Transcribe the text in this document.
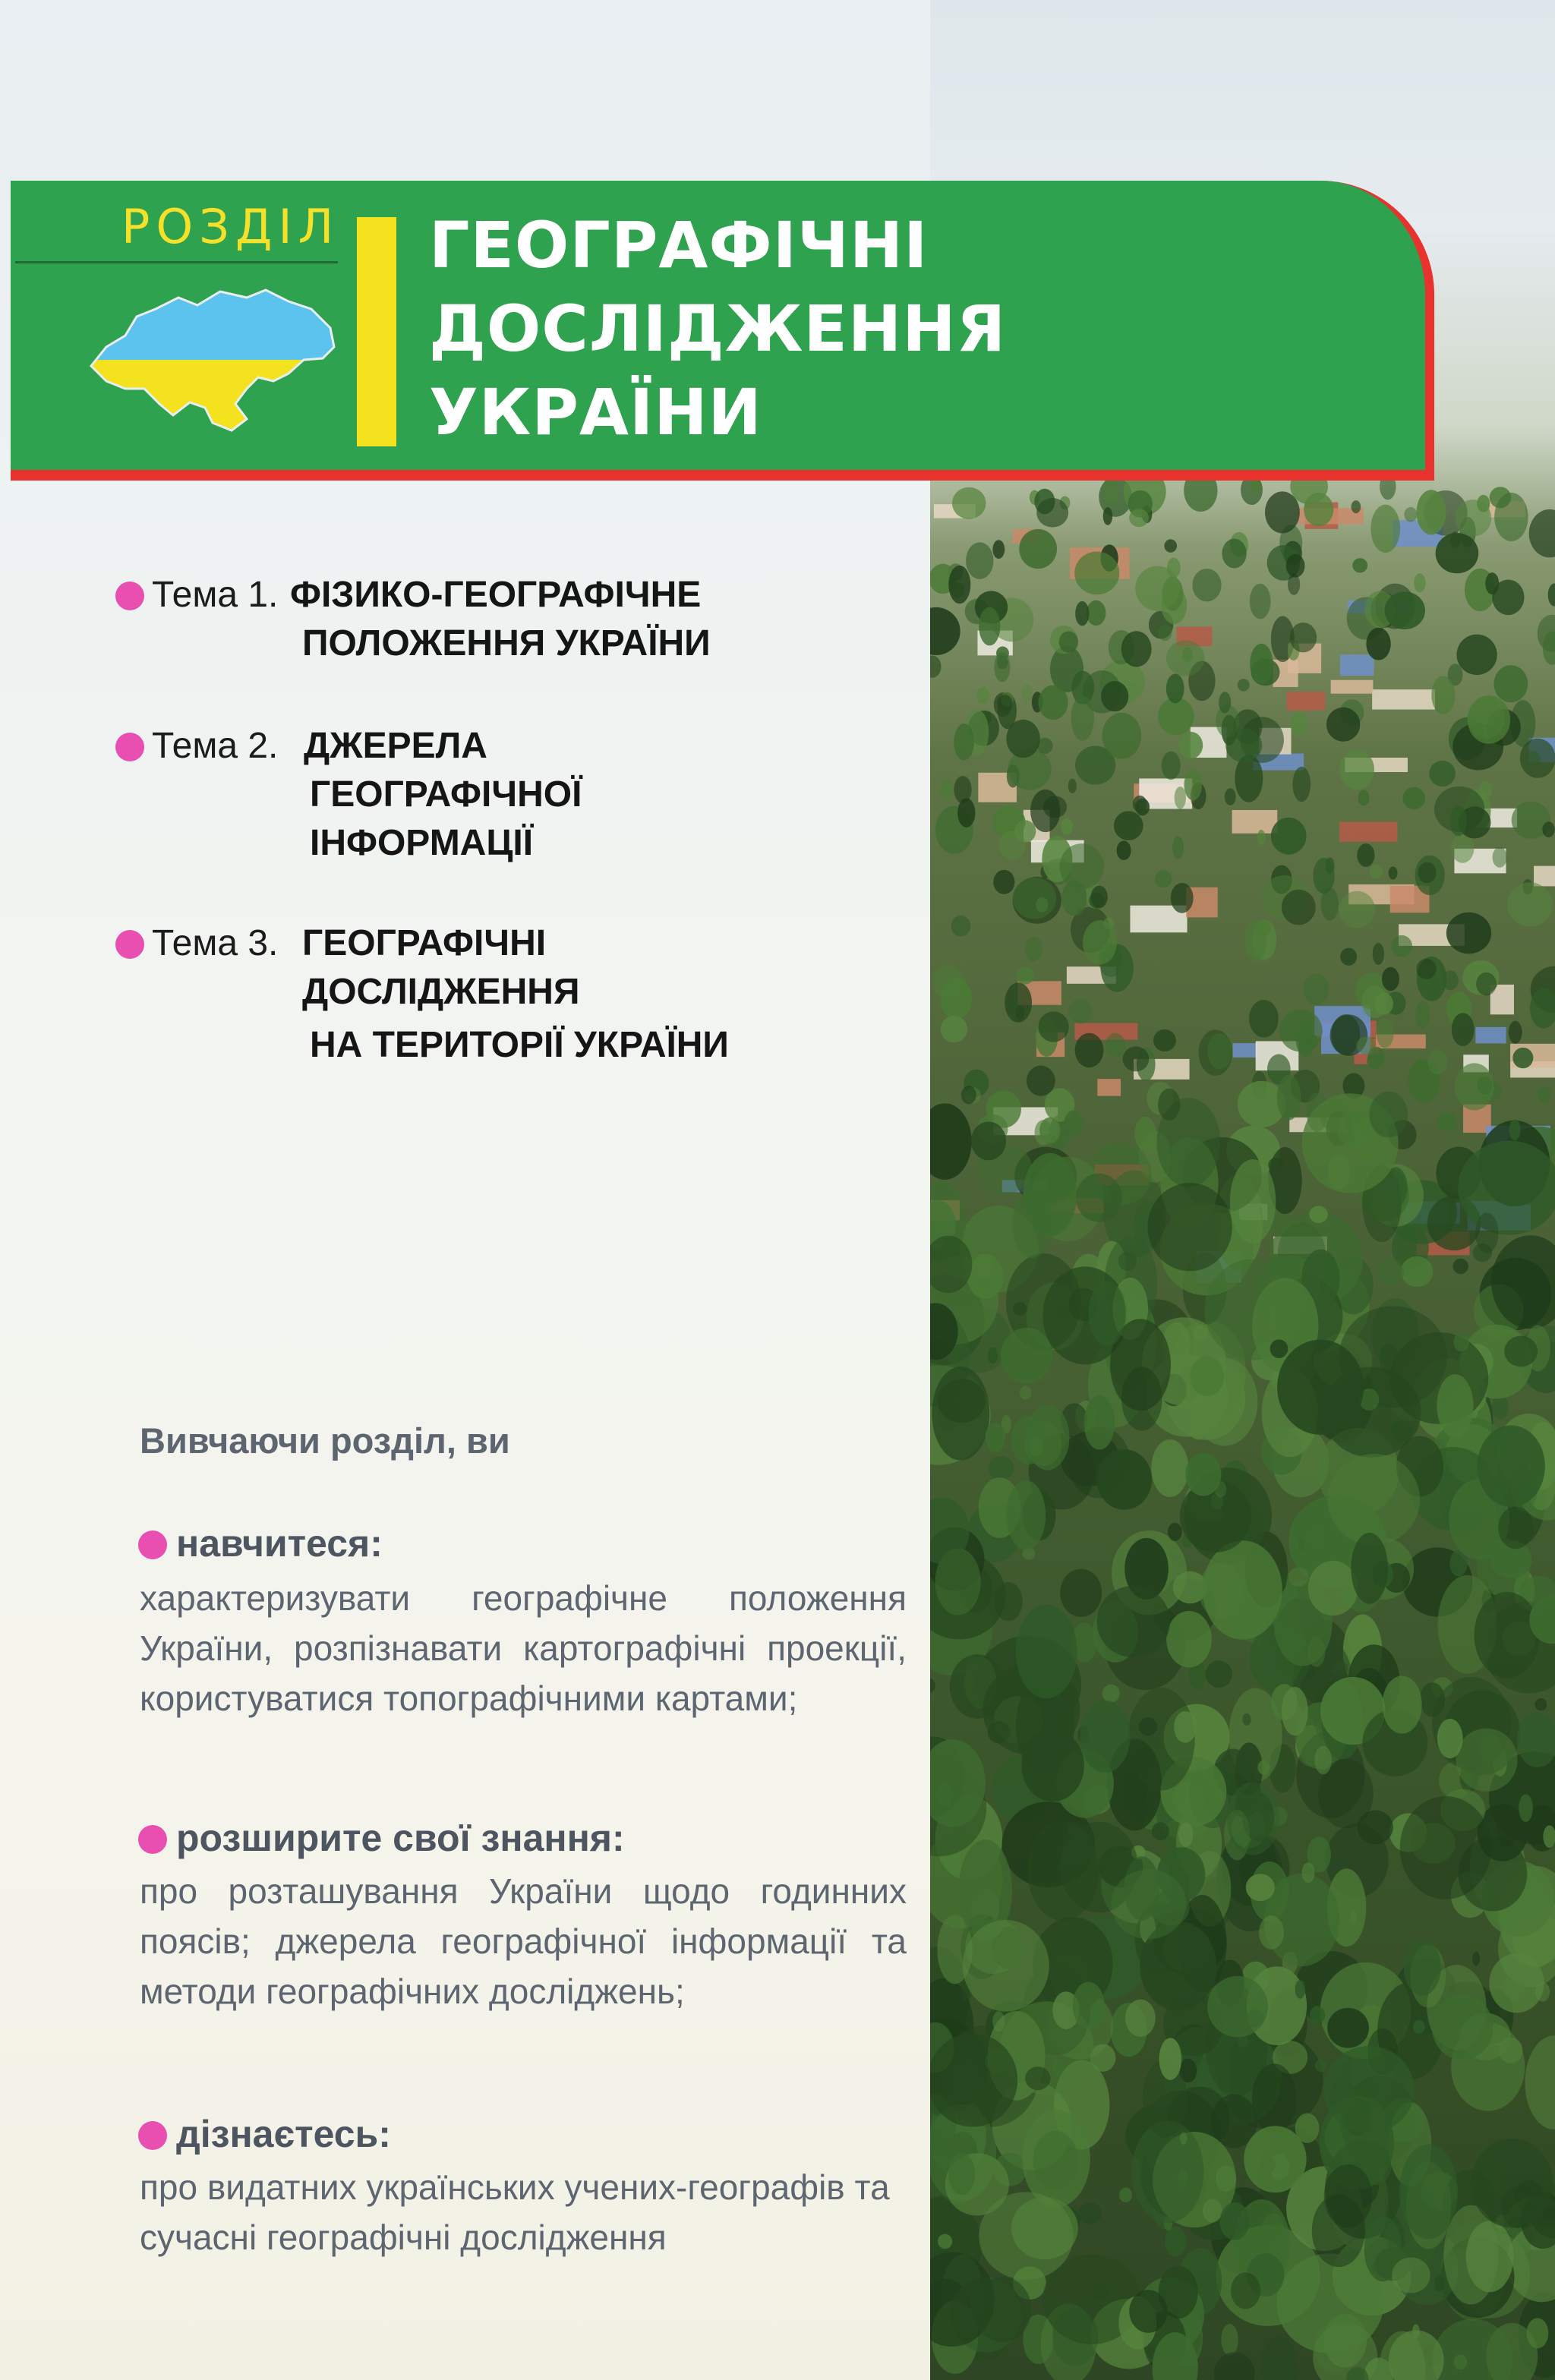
РОЗДІЛ ГЕОГРАФІЧНІ
ДОСЛІДЖЕННЯ
УКРАЇНИ
Тема 1. ФІЗИКО-ГЕОГРАФІЧНЕ
ПОЛОЖЕННЯ УКРАЇНИ
Тема 2. ДЖЕРЕЛА
ГЕОГРАФІЧНОЇ
ІНФОРМАЦІЇ
Тема 3. ГЕОГРАФІЧНІ
ДОСЛІДЖЕННЯ
НА ТЕРИТОРІЇ УКРАЇНИ
Вивчаючи розділ, ви
навчитеся:

характеризувати географічне положення України, розпізнавати картографічні проекції, користуватися топографічними картами;

розширите свої знання:

про розташування України щодо годинних поясів; джерела географічної інформації та методи географічних досліджень;

дізнаєтесь:

про видатних українських учених-географів та сучасні географічні дослідження
